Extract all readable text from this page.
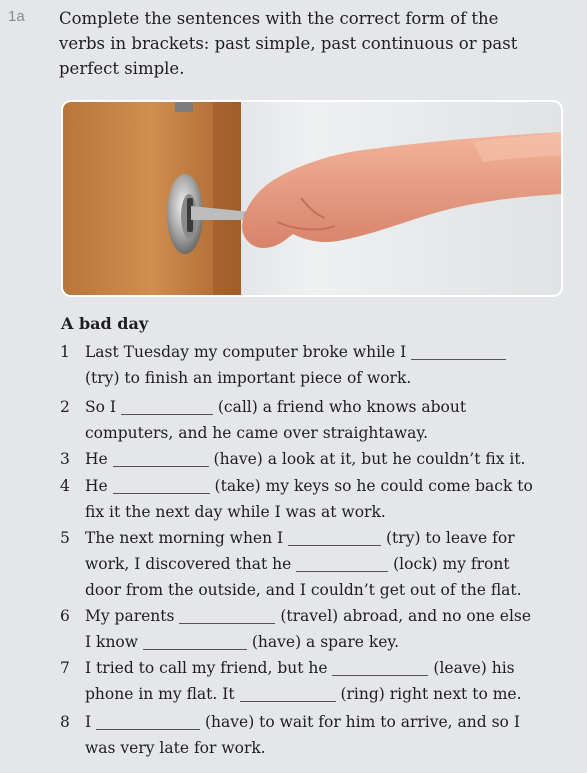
1a Complete the sentences with the correct form of the
verbs in brackets: past simple, past continuous or past
perfect simple.

A bad day

1 Last Tuesday my computer broke while I
(try) to finish an important piece of work.
2 So I	(call) a friend who knows about
computers, and he came over straightaway.
3 He	(have) a look at it, but he couldn’t fix it.
4 He	(take) my keys so he could come back to
fix it the next day while I was at work.
5 The next morning when I	(try) to leave for
work, I discovered that he	(lock) my front
door from the outside, and I couldn’t get out of the flat.
6 My parents	(travel) abroad, and no one else
I know	(have) a spare key.
7 I tried to call my friend, but he	(leave) his
phone in my flat. It	(ring) right next to me.
8 I	(have) to wait for him to arrive, and so I
was very late for work.
